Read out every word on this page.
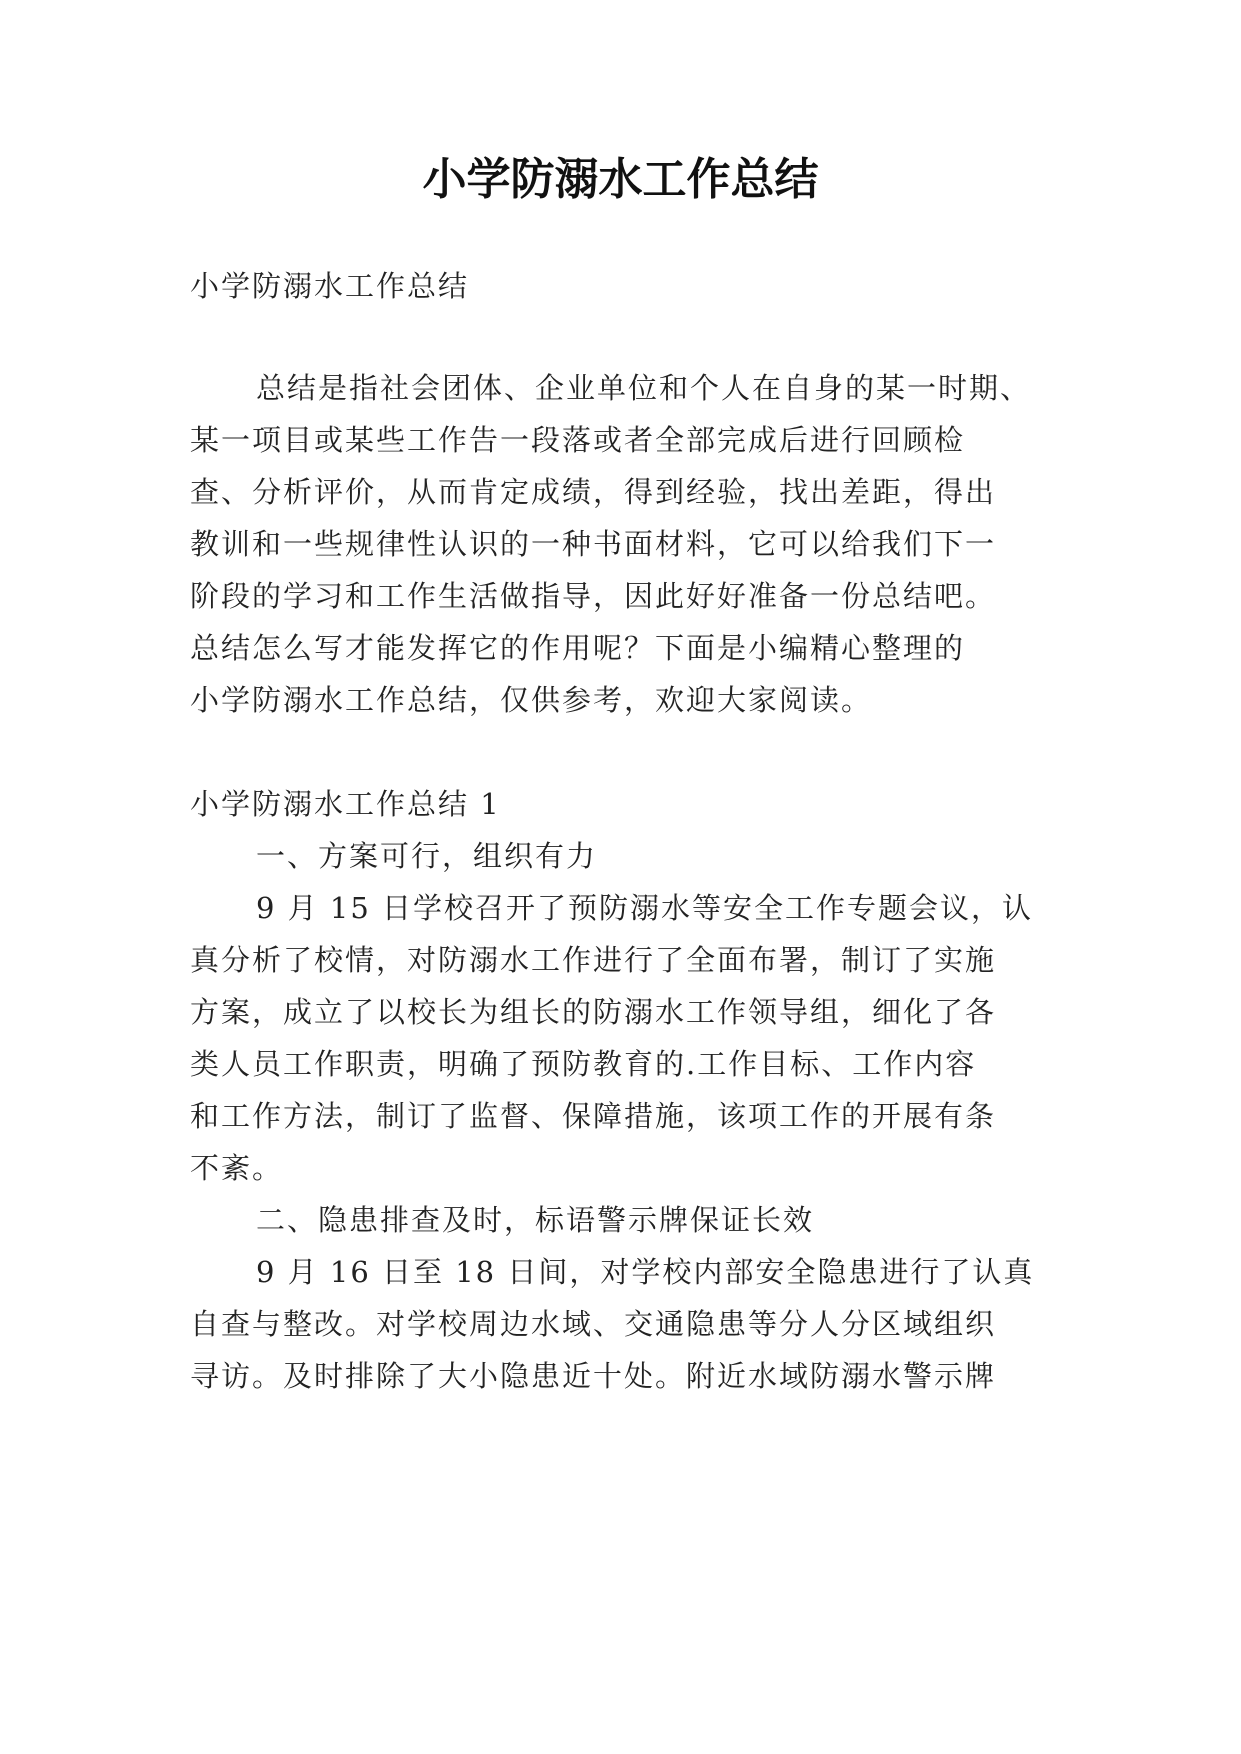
小学防溺水工作总结

小学防溺水工作总结

总结是指社会团体、企业单位和个人在自身的某一时期、

某一项目或某些工作告一段落或者全部完成后进行回顾检

查、分析评价，从而肯定成绩，得到经验，找出差距，得出

教训和一些规律性认识的一种书面材料，它可以给我们下一

阶段的学习和工作生活做指导，因此好好准备一份总结吧。

总结怎么写才能发挥它的作用呢？下面是小编精心整理的

小学防溺水工作总结，仅供参考，欢迎大家阅读。

小学防溺水工作总结 1

一、方案可行，组织有力

9 月 15 日学校召开了预防溺水等安全工作专题会议，认

真分析了校情，对防溺水工作进行了全面布署，制订了实施

方案，成立了以校长为组长的防溺水工作领导组，细化了各

类人员工作职责，明确了预防教育的.工作目标、工作内容

和工作方法，制订了监督、保障措施，该项工作的开展有条

不紊。

二、隐患排查及时，标语警示牌保证长效

9 月 16 日至 18 日间，对学校内部安全隐患进行了认真

自查与整改。对学校周边水域、交通隐患等分人分区域组织

寻访。及时排除了大小隐患近十处。附近水域防溺水警示牌
